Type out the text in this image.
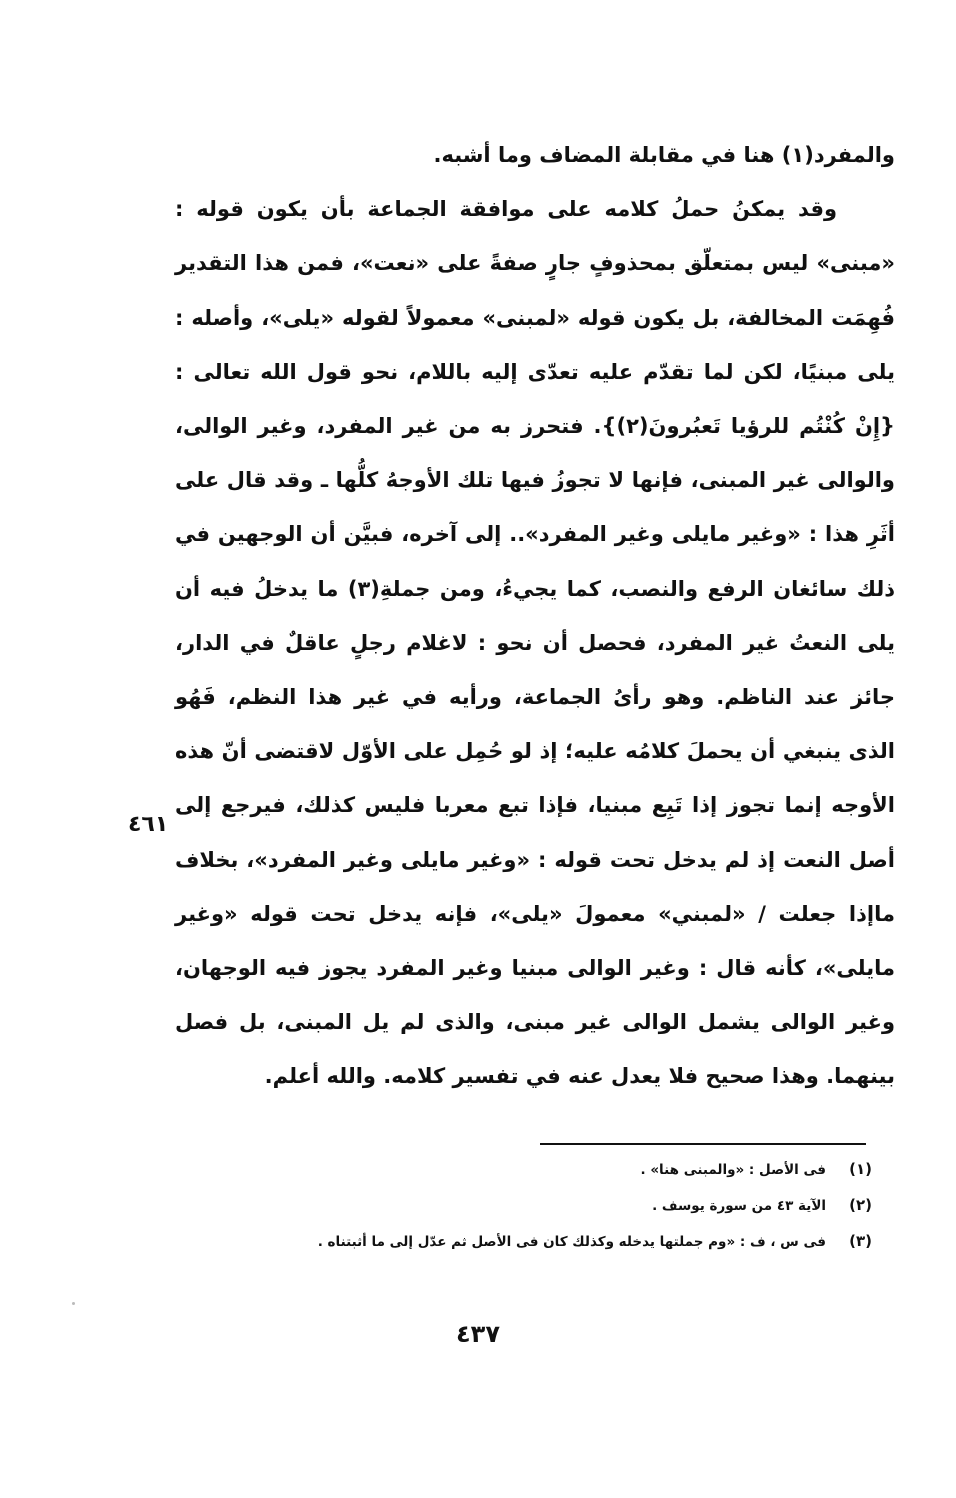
والمفرد(١) هنا في مقابلة المضاف وما أشبه.

وقد يمكنُ حملُ كلامه على موافقة الجماعة بأن يكون قوله : «مبنى» ليس بمتعلّق بمحذوفٍ جارٍ صفةً على «نعت»، فمن هذا التقدير فُهِمَت المخالفة، بل يكون قوله «لمبنى» معمولاً لقوله «يلى»، وأصله : يلى مبنيًا، لكن لما تقدّم عليه تعدّى إليه باللام، نحو قول الله تعالى : {إِنْ كُنْتُم للرؤيا تَعبُرونَ(٢)}. فتحرز به من غير المفرد، وغير الوالى، والوالى غير المبنى، فإنها لا تجوزُ فيها تلك الأوجهُ كلُّها ـ وقد قال على أثَرِ هذا : «وغير مايلى وغير المفرد».. إلى آخره، فبيَّن أن الوجهين في ذلك سائغان الرفع والنصب، كما يجيءُ، ومن جملةِ(٣) ما يدخلُ فيه أن يلى النعتُ غير المفرد، فحصل أن نحو : لاغلام رجلٍ عاقلٌ في الدار، جائز عند الناظم. وهو رأىُ الجماعة، ورأيه في غير هذا النظم، فَهُو الذى ينبغي أن يحملَ كلامُه عليه؛ إذ لو حُمِل على الأوّل لاقتضى أنّ هذه الأوجه إنما تجوز إذا تَبِع مبنيا، فإذا تبع معربا فليس كذلك، فيرجع إلى أصل النعت إذ لم يدخل تحت قوله : «وغير مايلى وغير المفرد»، بخلاف ماإذا جعلت / «لمبني» معمولَ «يلى»، فإنه يدخل تحت قوله «وغير مايلى»، كأنه قال : وغير الوالى مبنيا وغير المفرد يجوز فيه الوجهان، وغير الوالى يشمل الوالى غير مبنى، والذى لم يل المبنى، بل فصل بينهما. وهذا صحيح فلا يعدل عنه في تفسير كلامه. والله أعلم.

٤٦١
(١)
فى الأصل : «والمبنى هنا» .
(٢)
الآية ٤٣ من سورة يوسف .
(٣)
فى س ، ف : «وم جملتها يدخله وكذلك كان فى الأصل ثم عدّل إلى ما أثبتناه .
٤٣٧
